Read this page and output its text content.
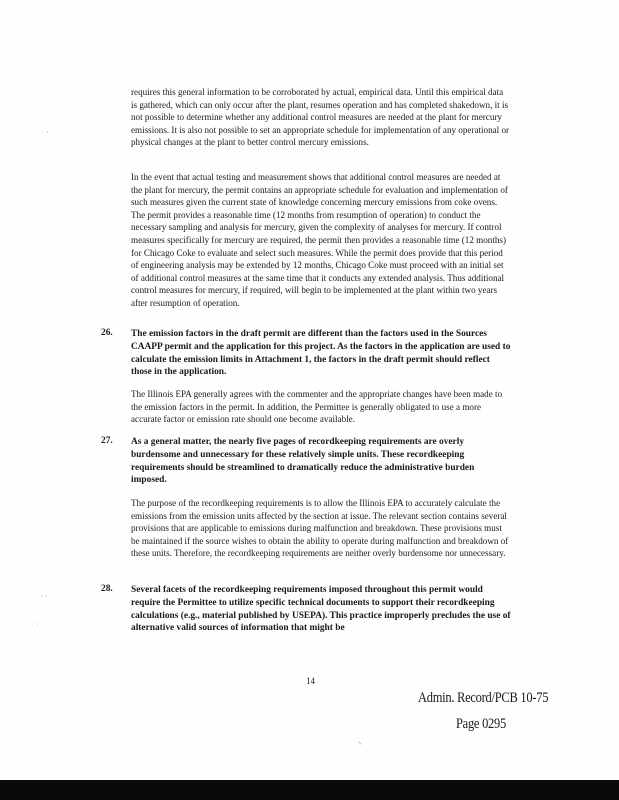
requires this general information to be corroborated by actual, empirical data. Until this empirical data is gathered, which can only occur after the plant, resumes operation and has completed shakedown, it is not possible to determine whether any additional control measures are needed at the plant for mercury emissions. It is also not possible to set an appropriate schedule for implementation of any operational or physical changes at the plant to better control mercury emissions.
In the event that actual testing and measurement shows that additional control measures are needed at the plant for mercury, the permit contains an appropriate schedule for evaluation and implementation of such measures given the current state of knowledge concerning mercury emissions from coke ovens. The permit provides a reasonable time (12 months from resumption of operation) to conduct the necessary sampling and analysis for mercury, given the complexity of analyses for mercury. If control measures specifically for mercury are required, the permit then provides a reasonable time (12 months) for Chicago Coke to evaluate and select such measures. While the permit does provide that this period of engineering analysis may be extended by 12 months, Chicago Coke must proceed with an initial set of additional control measures at the same time that it conducts any extended analysis. Thus additional control measures for mercury, if required, will begin to be implemented at the plant within two years after resumption of operation.
26. The emission factors in the draft permit are different than the factors used in the Sources CAAPP permit and the application for this project. As the factors in the application are used to calculate the emission limits in Attachment 1, the factors in the draft permit should reflect those in the application.
The Illinois EPA generally agrees with the commenter and the appropriate changes have been made to the emission factors in the permit. In addition, the Permittee is generally obligated to use a more accurate factor or emission rate should one become available.
27. As a general matter, the nearly five pages of recordkeeping requirements are overly burdensome and unnecessary for these relatively simple units. These recordkeeping requirements should be streamlined to dramatically reduce the administrative burden imposed.
The purpose of the recordkeeping requirements is to allow the Illinois EPA to accurately calculate the emissions from the emission units affected by the section at issue. The relevant section contains several provisions that are applicable to emissions during malfunction and breakdown. These provisions must be maintained if the source wishes to obtain the ability to operate during malfunction and breakdown of these units. Therefore, the recordkeeping requirements are neither overly burdensome nor unnecessary.
28. Several facets of the recordkeeping requirements imposed throughout this permit would require the Permittee to utilize specific technical documents to support their recordkeeping calculations (e.g., material published by USEPA). This practice improperly precludes the use of alternative valid sources of information that might be
14
Admin. Record/PCB 10-75
Page 0295
·
· ·
·
⸜
